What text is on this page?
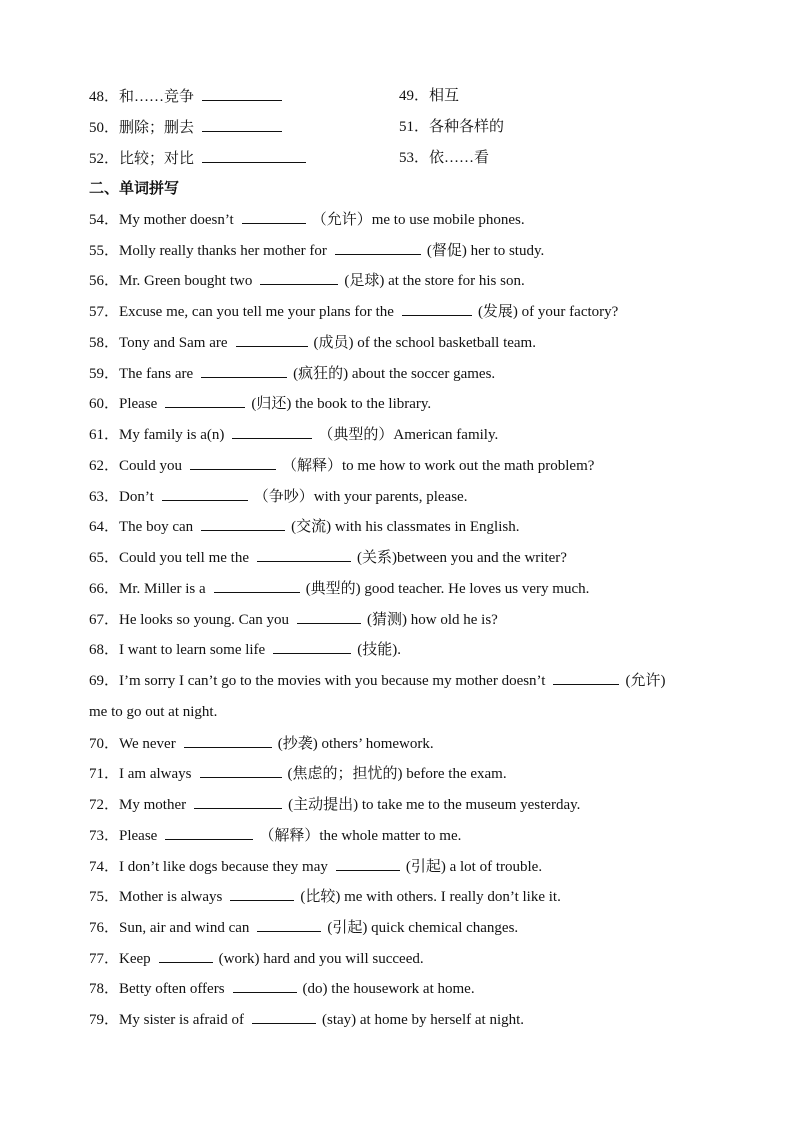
48．和……竞争	49．相互
50．删除；删去	51．各种各样的
52．比较；对比	53．依……看
二、单词拼写
54．My mother doesn’t	（允许）me to use mobile phones.
55．Molly really thanks her mother for	(督促) her to study.
56．Mr. Green bought two	(足球) at the store for his son.
57．Excuse me, can you tell me your plans for the	(发展) of your factory?
58．Tony and Sam are	(成员) of the school basketball team.
59．The fans are	(疯狂的) about the soccer games.
60．Please	(归还) the book to the library.
61．My family is a(n)	（典型的）American family.
62．Could you	（解释）to me how to work out the math problem?
63．Don’t	（争吵）with your parents, please.
64．The boy can	(交流) with his classmates in English.
65．Could you tell me the	(关系)between you and the writer?
66．Mr. Miller is a	(典型的) good teacher. He loves us very much.
67．He looks so young. Can you	(猜测) how old he is?
68．I want to learn some life	(技能).
69．I’m sorry I can’t go to the movies with you because my mother doesn’t	(允许)
me to go out at night.
70．We never	(抄袭) others’ homework.
71．I am always	(焦虑的；担忧的) before the exam.
72．My mother	(主动提出) to take me to the museum yesterday.
73．Please	（解释）the whole matter to me.
74．I don’t like dogs because they may	(引起) a lot of trouble.
75．Mother is always	(比较) me with others. I really don’t like it.
76．Sun, air and wind can	(引起) quick chemical changes.
77．Keep	(work) hard and you will succeed.
78．Betty often offers	(do) the housework at home.
79．My sister is afraid of	(stay) at home by herself at night.
